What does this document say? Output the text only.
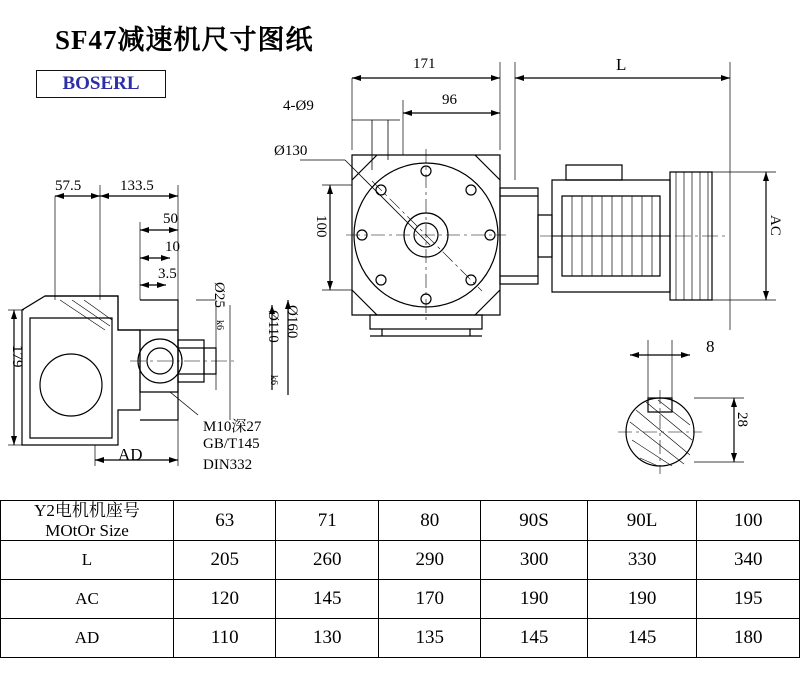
SF47减速机尺寸图纸
BOSERL
171	L
96
4-Ø9
Ø130
100	AC
Ø160
Ø110
k6
57.5	133.5
50
10
3.5
Ø25
k6
179
AD
M10深27
GB/T145
DIN332
8
28
Y2电机机座号
MOtOr Size	63	71	80	90S	90L	100
L	205	260	290	300	330	340
AC	120	145	170	190	190	195
AD	110	130	135	145	145	180
